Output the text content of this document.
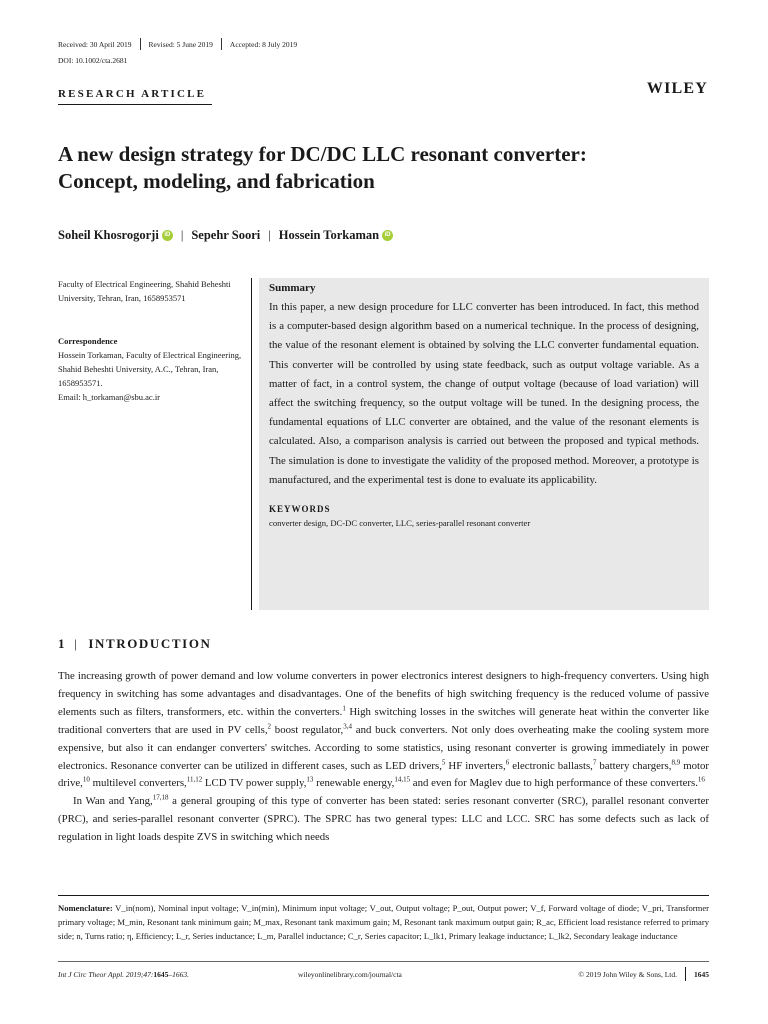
Received: 30 April 2019 Revised: 5 June 2019 Accepted: 8 July 2019
DOI: 10.1002/cta.2681
RESEARCH ARTICLE	WILEY
A new design strategy for DC/DC LLC resonant converter:
Concept, modeling, and fabrication
Soheil Khosrogorji iD | Sepehr Soori | Hossein Torkaman iD
Faculty of Electrical Engineering, Shahid Beheshti University, Tehran, Iran, 1658953571
Correspondence
Hossein Torkaman, Faculty of Electrical Engineering, Shahid Beheshti University, A.C., Tehran, Iran, 1658953571.
Email: h_torkaman@sbu.ac.ir
Summary
In this paper, a new design procedure for LLC converter has been introduced. In fact, this method is a computer-based design algorithm based on a numerical technique. In the process of designing, the value of the resonant element is obtained by solving the LLC converter fundamental equation. This converter will be controlled by using state feedback, such as output voltage variable. As a matter of fact, in a control system, the change of output voltage (because of load variation) will affect the switching frequency, so the output voltage will be tuned. In the designing process, the fundamental equations of LLC converter are obtained, and the value of the resonant elements is calculated. Also, a comparison analysis is carried out between the proposed and typical methods. The simulation is done to investigate the validity of the proposed method. Moreover, a prototype is manufactured, and the experimental test is done to evaluate its applicability.
KEYWORDS
converter design, DC-DC converter, LLC, series-parallel resonant converter
1 | INTRODUCTION

The increasing growth of power demand and low volume converters in power electronics interest designers to high-frequency converters. Using high frequency in switching has some advantages and disadvantages. One of the benefits of high switching frequency is the reduced volume of passive elements such as filters, transformers, etc. within the converters.$^1$ High switching losses in the switches will generate heat within the converter like traditional converters that are used in PV cells,$^2$ boost regulator,$^{3,4}$ and buck converters. Not only does overheating make the cooling system more expensive, but also it can endanger converters' switches. According to some statistics, using resonant converter is growing immediately in power electronics. Resonance converter can be utilized in different cases, such as LED drivers,$^5$ HF inverters,$^6$ electronic ballasts,$^7$ battery chargers,$^{8,9}$ motor drive,$^{10}$ multilevel converters,$^{11,12}$ LCD TV power supply,$^{13}$ renewable energy,$^{14,15}$ and even for Maglev due to high performance of these converters.$^{16}$

In Wan and Yang,$^{17,18}$ a general grouping of this type of converter has been stated: series resonant converter (SRC), parallel resonant converter (PRC), and series-parallel resonant converter (SPRC). The SPRC has two general types: LLC and LCC. SRC has some defects such as lack of regulation in light loads despite ZVS in switching which needs

Nomenclature: V_in(nom), Nominal input voltage; V_in(min), Minimum input voltage; V_out, Output voltage; P_out, Output power; V_f, Forward voltage of diode; V_pri, Transformer primary voltage; M_min, Resonant tank minimum gain; M_max, Resonant tank maximum gain; M, Resonant tank maximum output gain; R_ac, Efficient load resistance referred to primary side; n, Turns ratio; η, Efficiency; L_r, Series inductance; L_m, Parallel inductance; C_r, Series capacitor; L_lk1, Primary leakage inductance; L_lk2, Secondary leakage inductance
Int J Circ Theor Appl. 2019;47:1645–1663.	wileyonlinelibrary.com/journal/cta	© 2019 John Wiley & Sons, Ltd. 1645
